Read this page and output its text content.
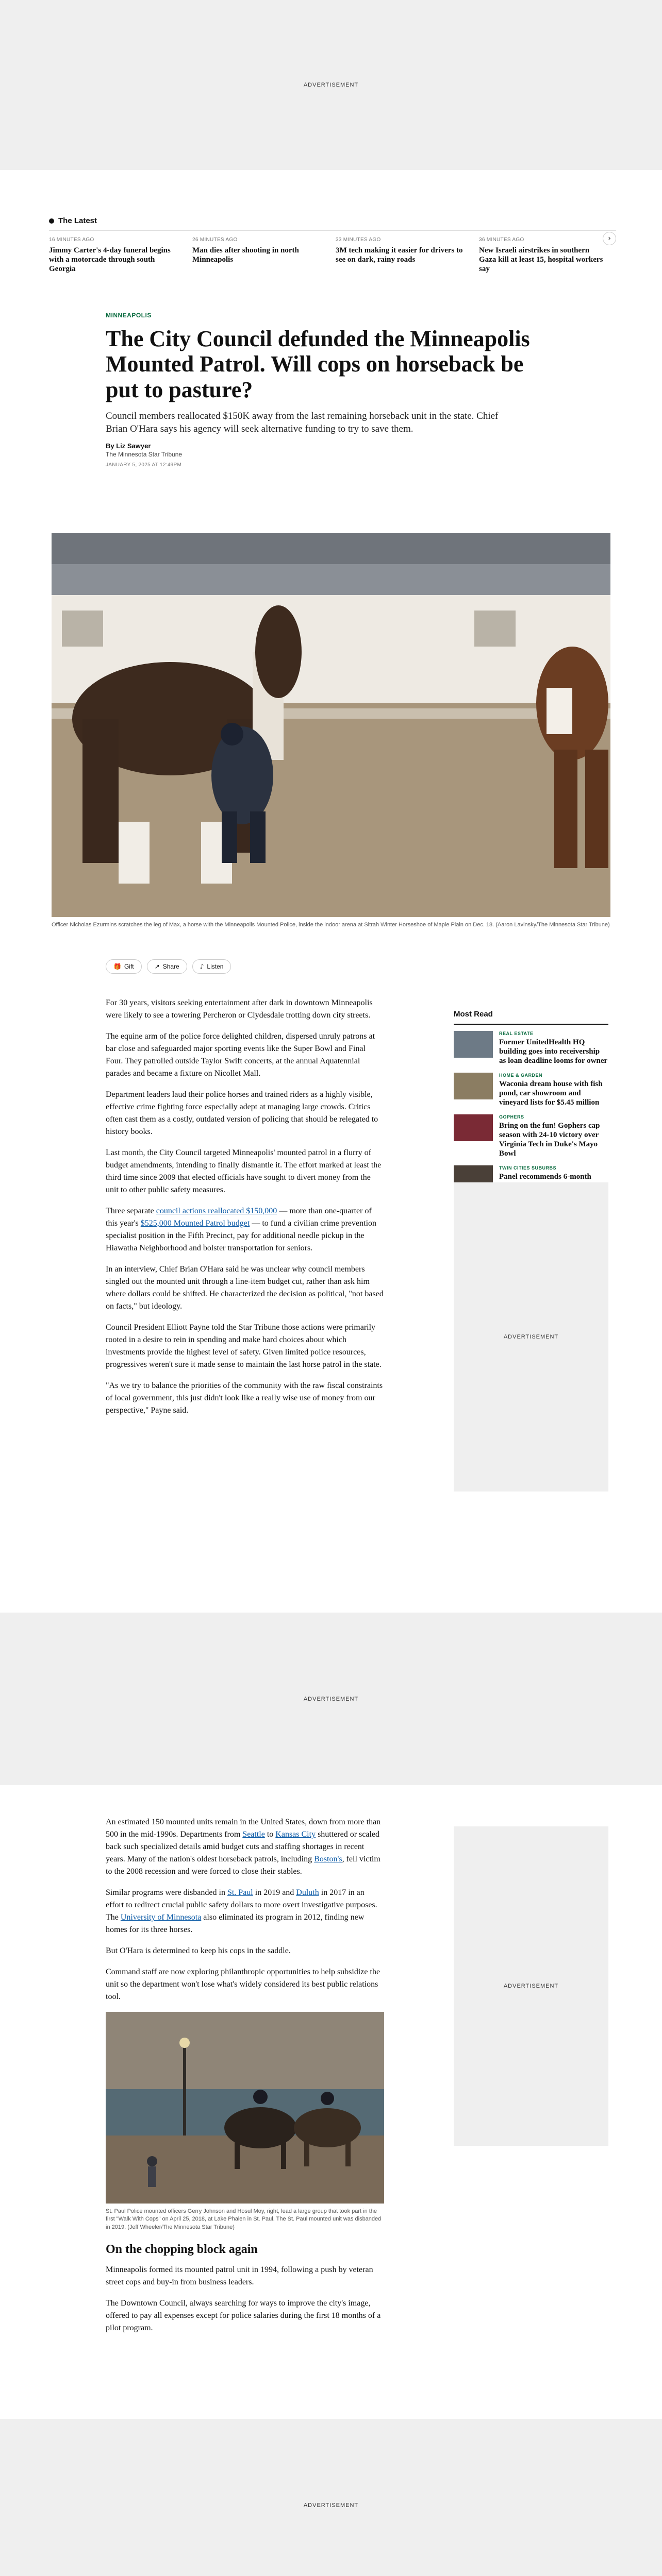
ADVERTISEMENT
The Latest
16 MINUTES AGO
Jimmy Carter's 4-day funeral begins with a motorcade through south Georgia
26 MINUTES AGO
Man dies after shooting in north Minneapolis
33 MINUTES AGO
3M tech making it easier for drivers to see on dark, rainy roads
36 MINUTES AGO
New Israeli airstrikes in southern Gaza kill at least 15, hospital workers say
›
MINNEAPOLIS
The City Council defunded the Minneapolis Mounted Patrol. Will cops on horseback be put to pasture?

Council members reallocated $150K away from the last remaining horseback unit in the state. Chief Brian O'Hara says his agency will seek alternative funding to try to save them.

By Liz Sawyer
The Minnesota Star Tribune
JANUARY 5, 2025 AT 12:49PM
Officer Nicholas Ezurmins scratches the leg of Max, a horse with the Minneapolis Mounted Police, inside the indoor arena at Sitrah Winter Horseshoe of Maple Plain on Dec. 18. (Aaron Lavinsky/The Minnesota Star Tribune)
🎁 Gift	↗ Share	♪ Listen

For 30 years, visitors seeking entertainment after dark in downtown Minneapolis were likely to see a towering Percheron or Clydesdale trotting down city streets.

The equine arm of the police force delighted children, dispersed unruly patrons at bar close and safeguarded major sporting events like the Super Bowl and Final Four. They patrolled outside Taylor Swift concerts, at the annual Aquatennial parades and became a fixture on Nicollet Mall.

Department leaders laud their police horses and trained riders as a highly visible, effective crime fighting force especially adept at managing large crowds. Critics often cast them as a costly, outdated version of policing that should be relegated to history books.

Last month, the City Council targeted Minneapolis' mounted patrol in a flurry of budget amendments, intending to finally dismantle it. The effort marked at least the third time since 2009 that elected officials have sought to divert money from the unit to other public safety measures.

Three separate council actions reallocated $150,000 — more than one-quarter of this year's $525,000 Mounted Patrol budget — to fund a civilian crime prevention specialist position in the Fifth Precinct, pay for additional needle pickup in the Hiawatha Neighborhood and bolster transportation for seniors.

In an interview, Chief Brian O'Hara said he was unclear why council members singled out the mounted unit through a line-item budget cut, rather than ask him where dollars could be shifted. He characterized the decision as political, "not based on facts," but ideology.

Council President Elliott Payne told the Star Tribune those actions were primarily rooted in a desire to rein in spending and make hard choices about which investments provide the highest level of safety. Given limited police resources, progressives weren't sure it made sense to maintain the last horse patrol in the state.

"As we try to balance the priorities of the community with the raw fiscal constraints of local government, this just didn't look like a really wise use of money from our perspective," Payne said.

Most Read
REAL ESTATE
Former UnitedHealth HQ building goes into receivership as loan deadline looms for owner
HOME & GARDEN
Waconia dream house with fish pond, car showroom and vineyard lists for $5.45 million
GOPHERS
Bring on the fun! Gophers cap season with 24-10 victory over Virginia Tech in Duke's Mayo Bowl
TWIN CITIES SUBURBS
Panel recommends 6-month
ADVERTISEMENT
ADVERTISEMENT

An estimated 150 mounted units remain in the United States, down from more than 500 in the mid-1990s. Departments from Seattle to Kansas City shuttered or scaled back such specialized details amid budget cuts and staffing shortages in recent years. Many of the nation's oldest horseback patrols, including Boston's, fell victim to the 2008 recession and were forced to close their stables.

Similar programs were disbanded in St. Paul in 2019 and Duluth in 2017 in an effort to redirect crucial public safety dollars to more overt investigative purposes. The University of Minnesota also eliminated its program in 2012, finding new homes for its three horses.

But O'Hara is determined to keep his cops in the saddle.

Command staff are now exploring philanthropic opportunities to help subsidize the unit so the department won't lose what's widely considered its best public relations tool.

St. Paul Police mounted officers Gerry Johnson and Hosul Moy, right, lead a large group that took part in the first "Walk With Cops" on April 25, 2018, at Lake Phalen in St. Paul. The St. Paul mounted unit was disbanded in 2019. (Jeff Wheeler/The Minnesota Star Tribune)
On the chopping block again

Minneapolis formed its mounted patrol unit in 1994, following a push by veteran street cops and buy-in from business leaders.

The Downtown Council, always searching for ways to improve the city's image, offered to pay all expenses except for police salaries during the first 18 months of a pilot program.

ADVERTISEMENT
ADVERTISEMENT
